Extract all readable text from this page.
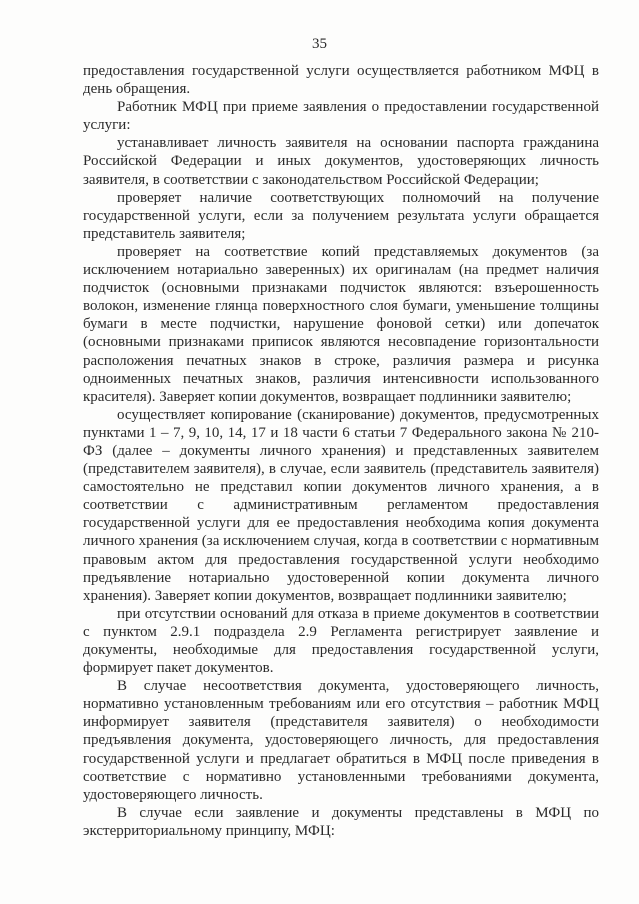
35

предоставления государственной услуги осуществляется работником МФЦ в день обращения.

Работник МФЦ при приеме заявления о предоставлении государственной услуги:

устанавливает личность заявителя на основании паспорта гражданина Российской Федерации и иных документов, удостоверяющих личность заявителя, в соответствии с законодательством Российской Федерации;

проверяет наличие соответствующих полномочий на получение государственной услуги, если за получением результата услуги обращается представитель заявителя;

проверяет на соответствие копий представляемых документов (за исключением нотариально заверенных) их оригиналам (на предмет наличия подчисток (основными признаками подчисток являются: взъерошенность волокон, изменение глянца поверхностного слоя бумаги, уменьшение толщины бумаги в месте подчистки, нарушение фоновой сетки) или допечаток (основными признаками приписок являются несовпадение горизонтальности расположения печатных знаков в строке, различия размера и рисунка одноименных печатных знаков, различия интенсивности использованного красителя). Заверяет копии документов, возвращает подлинники заявителю;

осуществляет копирование (сканирование) документов, предусмотренных пунктами 1 – 7, 9, 10, 14, 17 и 18 части 6 статьи 7 Федерального закона № 210-ФЗ (далее – документы личного хранения) и представленных заявителем (представителем заявителя), в случае, если заявитель (представитель заявителя) самостоятельно не представил копии документов личного хранения, а в соответствии с административным регламентом предоставления государственной услуги для ее предоставления необходима копия документа личного хранения (за исключением случая, когда в соответствии с нормативным правовым актом для предоставления государственной услуги необходимо предъявление нотариально удостоверенной копии документа личного хранения). Заверяет копии документов, возвращает подлинники заявителю;

при отсутствии оснований для отказа в приеме документов в соответствии с пунктом 2.9.1 подраздела 2.9 Регламента регистрирует заявление и документы, необходимые для предоставления государственной услуги, формирует пакет документов.

В случае несоответствия документа, удостоверяющего личность, нормативно установленным требованиям или его отсутствия – работник МФЦ информирует заявителя (представителя заявителя) о необходимости предъявления документа, удостоверяющего личность, для предоставления государственной услуги и предлагает обратиться в МФЦ после приведения в соответствие с нормативно установленными требованиями документа, удостоверяющего личность.

В случае если заявление и документы представлены в МФЦ по экстерриториальному принципу, МФЦ:
